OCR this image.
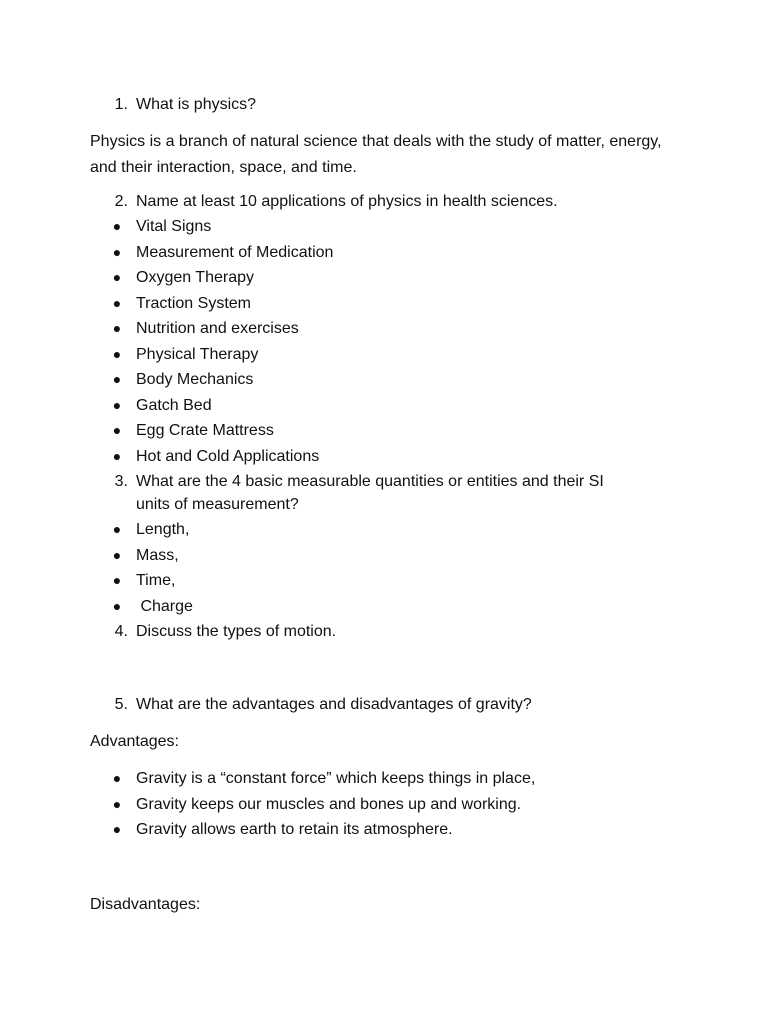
1. What is physics?
Physics is a branch of natural science that deals with the study of matter, energy, and their interaction, space, and time.
2. Name at least 10 applications of physics in health sciences.
● Vital Signs
● Measurement of Medication
● Oxygen Therapy
● Traction System
● Nutrition and exercises
● Physical Therapy
● Body Mechanics
● Gatch Bed
● Egg Crate Mattress
● Hot and Cold Applications
3. What are the 4 basic measurable quantities or entities and their SI
units of measurement?
● Length,
● Mass,
● Time,
● Charge
4. Discuss the types of motion.
5. What are the advantages and disadvantages of gravity?
Advantages:
● Gravity is a “constant force” which keeps things in place,
● Gravity keeps our muscles and bones up and working.
● Gravity allows earth to retain its atmosphere.
Disadvantages:
